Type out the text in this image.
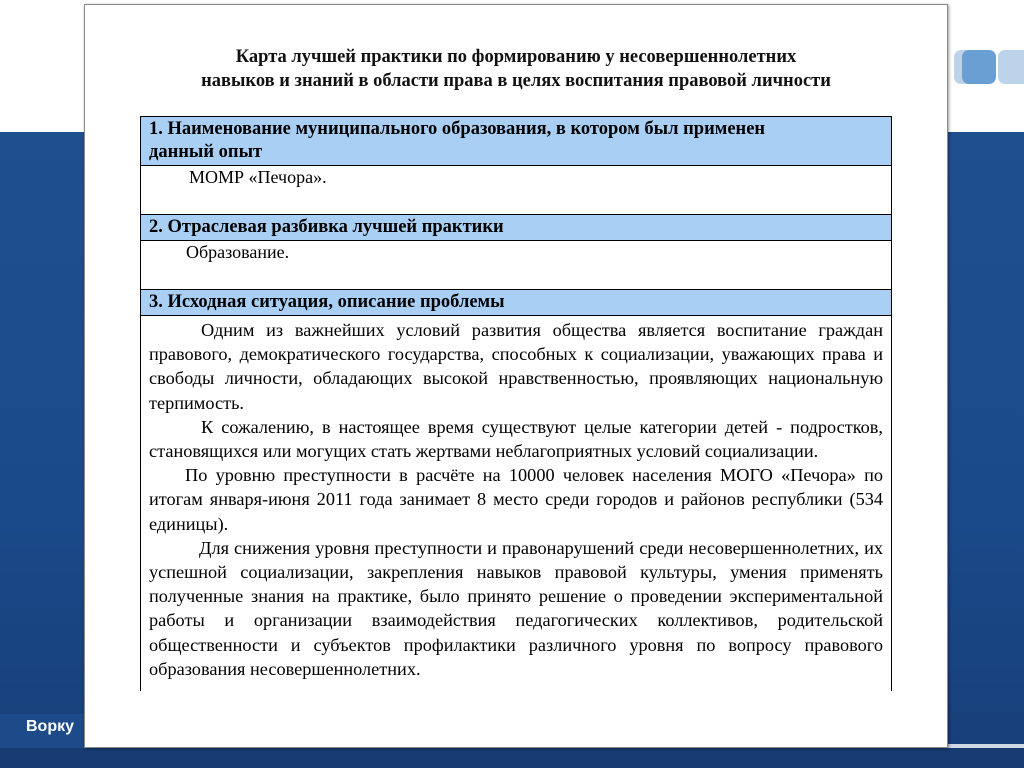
Ворку
Карта лучшей практики по формированию у несовершеннолетних
навыков и знаний в области права в целях воспитания правовой личности
1. Наименование муниципального образования, в котором был применен
данный опыт
МОМР «Печора».
2. Отраслевая разбивка лучшей практики
Образование.
3. Исходная ситуация, описание проблемы
Одним из важнейших условий развития общества является воспитание граждан правового, демократического государства, способных к социализации, уважающих права и свободы личности, обладающих высокой нравственностью, проявляющих национальную терпимость.
К сожалению, в настоящее время существуют целые категории детей - подростков, становящихся или могущих стать жертвами неблагоприятных условий социализации.
По уровню преступности в расчёте на 10000 человек населения МОГО «Печора» по итогам января-июня 2011 года занимает 8 место среди городов и районов республики (534 единицы).
Для снижения уровня преступности и правонарушений среди несовершеннолетних, их успешной социализации, закрепления навыков правовой культуры, умения применять полученные знания на практике, было принято решение о проведении экспериментальной работы и организации взаимодействия педагогических коллективов, родительской общественности и субъектов профилактики различного уровня по вопросу правового образования несовершеннолетних.
